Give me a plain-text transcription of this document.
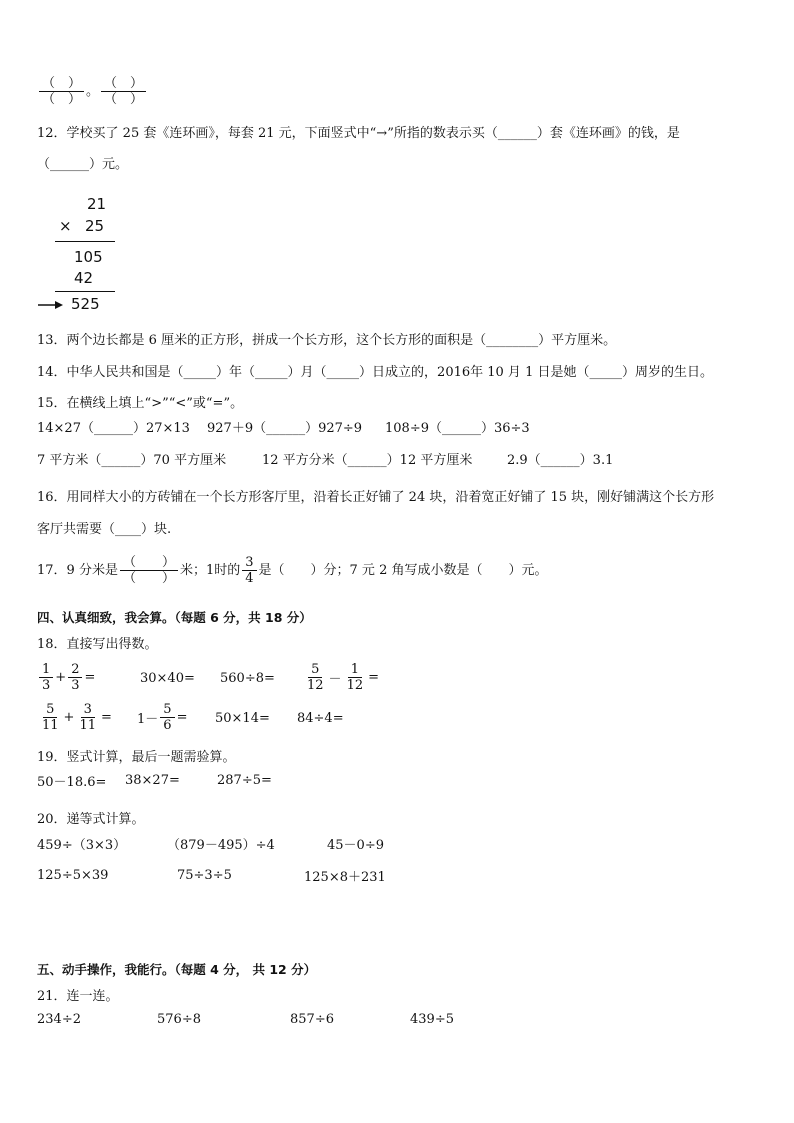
$\frac{( )}{( )}$ 。 $\frac{( )}{( )}$
12．学校买了 25 套《连环画》，每套 21 元，下面竖式中“→”所指的数表示买（______）套《连环画》的钱，是
（______）元。
21
× 25
105
42
525
13．两个边长都是 6 厘米的正方形，拼成一个长方形，这个长方形的面积是（________）平方厘米。
14．中华人民共和国是（_____）年（_____）月（_____）日成立的，2016年 10 月 1 日是她（_____）周岁的生日。
15．在横线上填上“>”“<”或“=”。
14×27（______）27×13 927＋9（______）927÷9 108÷9（______）36÷3
7 平方米（______）70 平方厘米	12 平方分米（______）12 平方厘米	2.9（______）3.1
16．用同样大小的方砖铺在一个长方形客厅里，沿着长正好铺了 24 块，沿着宽正好铺了 15 块，刚好铺满这个长方形
客厅共需要（____）块.
17．9 分米是 $\frac{( )}{( )}$ 米；1时的 $\frac{3}{4}$ 是（　　）分；7 元 2 角写成小数是（　　）元。
四、认真细致，我会算。（每题 6 分，共 18 分）
18．直接写出得数。
$\frac{1}{3} + \frac{2}{3}$ =	$30\times 40= 560\div 8= \frac{5}{12} - \frac{1}{12}$ =
$\frac{5}{11} + \frac{3}{11} = 1- \frac{5}{6} = 50\times 14= 84\div 4=$
19．竖式计算，最后一题需验算。
50－18.6= 38×27=	287÷5=
20．递等式计算。
459÷（3×3）	（879－495）÷4	45－0÷9
125÷5×39	75÷3÷5	125×8＋231
五、动手操作，我能行。（每题 4 分， 共 12 分）
21．连一连。
234÷2	576÷8	857÷6	439÷5
